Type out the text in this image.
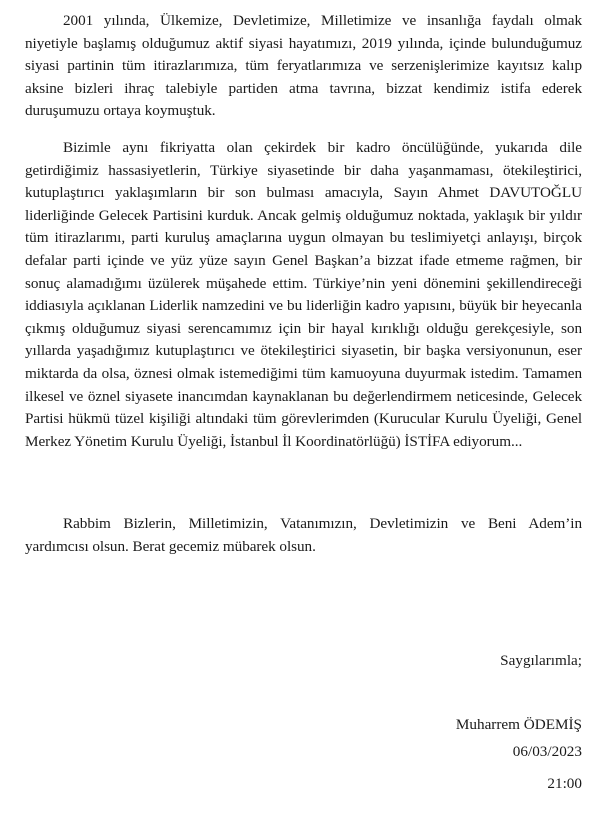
2001 yılında, Ülkemize, Devletimize, Milletimize ve insanlığa faydalı olmak niyetiyle başlamış olduğumuz aktif siyasi hayatımızı, 2019 yılında, içinde bulunduğumuz siyasi partinin tüm itirazlarımıza, tüm feryatlarımıza ve serzenişlerimize kayıtsız kalıp aksine bizleri ihraç talebiyle partiden atma tavrına, bizzat kendimiz istifa ederek duruşumuzu ortaya koymuştuk.

Bizimle aynı fikriyatta olan çekirdek bir kadro öncülüğünde, yukarıda dile getirdiğimiz hassasiyetlerin, Türkiye siyasetinde bir daha yaşanmaması, ötekileştirici, kutuplaştırıcı yaklaşımların bir son bulması amacıyla, Sayın Ahmet DAVUTOĞLU liderliğinde Gelecek Partisini kurduk. Ancak gelmiş olduğumuz noktada, yaklaşık bir yıldır tüm itirazlarımı, parti kuruluş amaçlarına uygun olmayan bu teslimiyetçi anlayışı, birçok defalar parti içinde ve yüz yüze sayın Genel Başkan’a bizzat ifade etmeme rağmen, bir sonuç alamadığımı üzülerek müşahede ettim. Türkiye’nin yeni dönemini şekillendireceği iddiasıyla açıklanan Liderlik namzedini ve bu liderliğin kadro yapısını, büyük bir heyecanla çıkmış olduğumuz siyasi serencamımız için bir hayal kırıklığı olduğu gerekçesiyle, son yıllarda yaşadığımız kutuplaştırıcı ve ötekileştirici siyasetin, bir başka versiyonunun, eser miktarda da olsa, öznesi olmak istemediğimi tüm kamuoyuna duyurmak istedim. Tamamen ilkesel ve öznel siyasete inancımdan kaynaklanan bu değerlendirmem neticesinde, Gelecek Partisi hükmü tüzel kişiliği altındaki tüm görevlerimden (Kurucular Kurulu Üyeliği, Genel Merkez Yönetim Kurulu Üyeliği, İstanbul İl Koordinatörlüğü) İSTİFA ediyorum...

Rabbim Bizlerin, Milletimizin, Vatanımızın, Devletimizin ve Beni Adem’in yardımcısı olsun. Berat gecemiz mübarek olsun.

Saygılarımla;

Muharrem ÖDEMİŞ

06/03/2023

21:00
